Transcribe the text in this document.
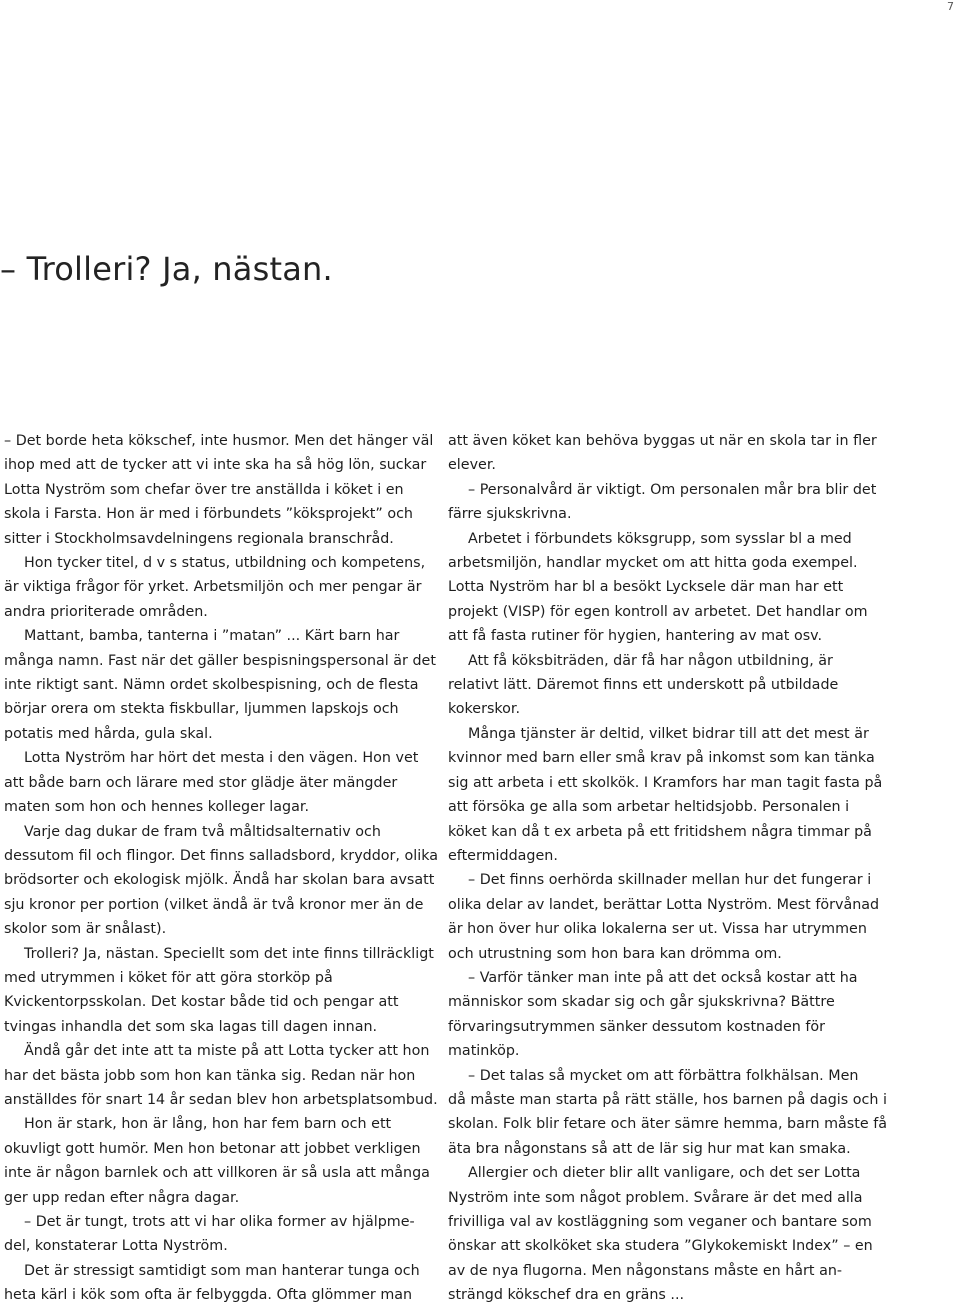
7
– Trolleri? Ja, nästan.

– Det borde heta kökschef, inte husmor. Men det hänger väl
ihop med att de tycker att vi inte ska ha så hög lön, suckar
Lotta Nyström som chefar över tre anställda i köket i en
skola i Farsta. Hon är med i förbundets ”köksprojekt” och
sitter i Stockholmsavdelningens regionala branschråd.

Hon tycker titel, d v s status, utbildning och kompetens,
är viktiga frågor för yrket. Arbetsmiljön och mer pengar är
andra prioriterade områden.

Mattant, bamba, tanterna i ”matan” ... Kärt barn har
många namn. Fast när det gäller bespisningspersonal är det
inte riktigt sant. Nämn ordet skolbespisning, och de flesta
börjar orera om stekta fiskbullar, ljummen lapskojs och
potatis med hårda, gula skal.

Lotta Nyström har hört det mesta i den vägen. Hon vet
att både barn och lärare med stor glädje äter mängder
maten som hon och hennes kolleger lagar.

Varje dag dukar de fram två måltidsalternativ och
dessutom fil och flingor. Det finns salladsbord, kryddor, olika
brödsorter och ekologisk mjölk. Ändå har skolan bara avsatt
sju kronor per portion (vilket ändå är två kronor mer än de
skolor som är snålast).

Trolleri? Ja, nästan. Speciellt som det inte finns tillräckligt
med utrymmen i köket för att göra storköp på
Kvickentorpsskolan. Det kostar både tid och pengar att
tvingas inhandla det som ska lagas till dagen innan.

Ändå går det inte att ta miste på att Lotta tycker att hon
har det bästa jobb som hon kan tänka sig. Redan när hon
anställdes för snart 14 år sedan blev hon arbetsplatsombud.

Hon är stark, hon är lång, hon har fem barn och ett
okuvligt gott humör. Men hon betonar att jobbet verkligen
inte är någon barnlek och att villkoren är så usla att många
ger upp redan efter några dagar.

– Det är tungt, trots att vi har olika former av hjälpme-
del, konstaterar Lotta Nyström.

Det är stressigt samtidigt som man hanterar tunga och
heta kärl i kök som ofta är felbyggda. Ofta glömmer man

att även köket kan behöva byggas ut när en skola tar in fler
elever.

– Personalvård är viktigt. Om personalen mår bra blir det
färre sjukskrivna.

Arbetet i förbundets köksgrupp, som sysslar bl a med
arbetsmiljön, handlar mycket om att hitta goda exempel.
Lotta Nyström har bl a besökt Lycksele där man har ett
projekt (VISP) för egen kontroll av arbetet. Det handlar om
att få fasta rutiner för hygien, hantering av mat osv.

Att få köksbiträden, där få har någon utbildning, är
relativt lätt. Däremot finns ett underskott på utbildade
kokerskor.

Många tjänster är deltid, vilket bidrar till att det mest är
kvinnor med barn eller små krav på inkomst som kan tänka
sig att arbeta i ett skolkök. I Kramfors har man tagit fasta på
att försöka ge alla som arbetar heltidsjobb. Personalen i
köket kan då t ex arbeta på ett fritidshem några timmar på
eftermiddagen.

– Det finns oerhörda skillnader mellan hur det fungerar i
olika delar av landet, berättar Lotta Nyström. Mest förvånad
är hon över hur olika lokalerna ser ut. Vissa har utrymmen
och utrustning som hon bara kan drömma om.

– Varför tänker man inte på att det också kostar att ha
människor som skadar sig och går sjukskrivna? Bättre
förvaringsutrymmen sänker dessutom kostnaden för
matinköp.

– Det talas så mycket om att förbättra folkhälsan. Men
då måste man starta på rätt ställe, hos barnen på dagis och i
skolan. Folk blir fetare och äter sämre hemma, barn måste få
äta bra någonstans så att de lär sig hur mat kan smaka.

Allergier och dieter blir allt vanligare, och det ser Lotta
Nyström inte som något problem. Svårare är det med alla
frivilliga val av kostläggning som veganer och bantare som
önskar att skolköket ska studera ”Glykokemiskt Index” – en
av de nya flugorna. Men någonstans måste en hårt an-
strängd kökschef dra en gräns ...
